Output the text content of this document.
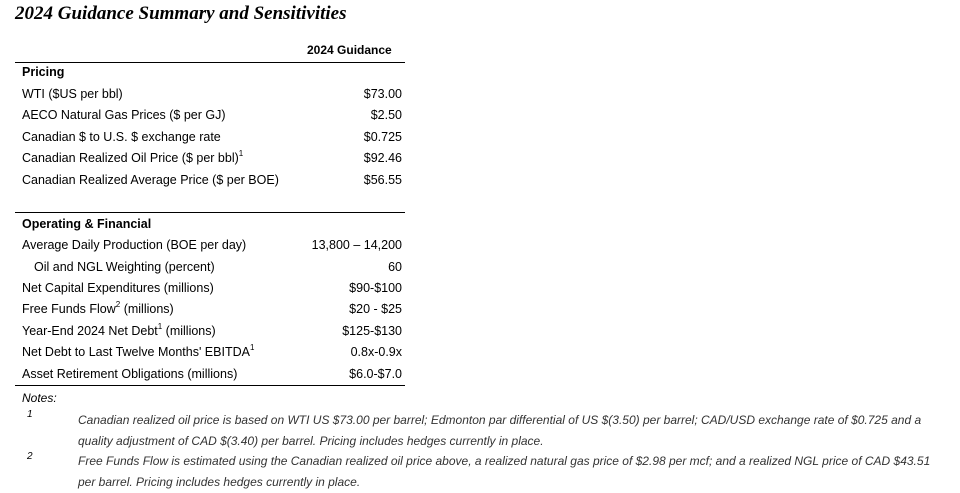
2024 Guidance Summary and Sensitivities
2024 Guidance
Pricing
WTI ($US per bbl)	$73.00
AECO Natural Gas Prices ($ per GJ)	$2.50
Canadian $ to U.S. $ exchange rate	$0.725
Canadian Realized Oil Price ($ per bbl)$^1$	$92.46
Canadian Realized Average Price ($ per BOE)	$56.55
Operating & Financial
Average Daily Production (BOE per day)	13,800 – 14,200
Oil and NGL Weighting (percent)	60
Net Capital Expenditures (millions)	$90-$100
Free Funds Flow$^2$ (millions)	$20 - $25
Year-End 2024 Net Debt$^1$ (millions)	$125-$130
Net Debt to Last Twelve Months' EBITDA$^1$	0.8x-0.9x
Asset Retirement Obligations (millions)	$6.0-$7.0
Notes:
1	Canadian realized oil price is based on WTI US $73.00 per barrel; Edmonton par differential of US $(3.50) per barrel; CAD/USD exchange rate of $0.725 and a quality adjustment of CAD $(3.40) per barrel. Pricing includes hedges currently in place.
2	Free Funds Flow is estimated using the Canadian realized oil price above, a realized natural gas price of $2.98 per mcf; and a realized NGL price of CAD $43.51 per barrel. Pricing includes hedges currently in place.
